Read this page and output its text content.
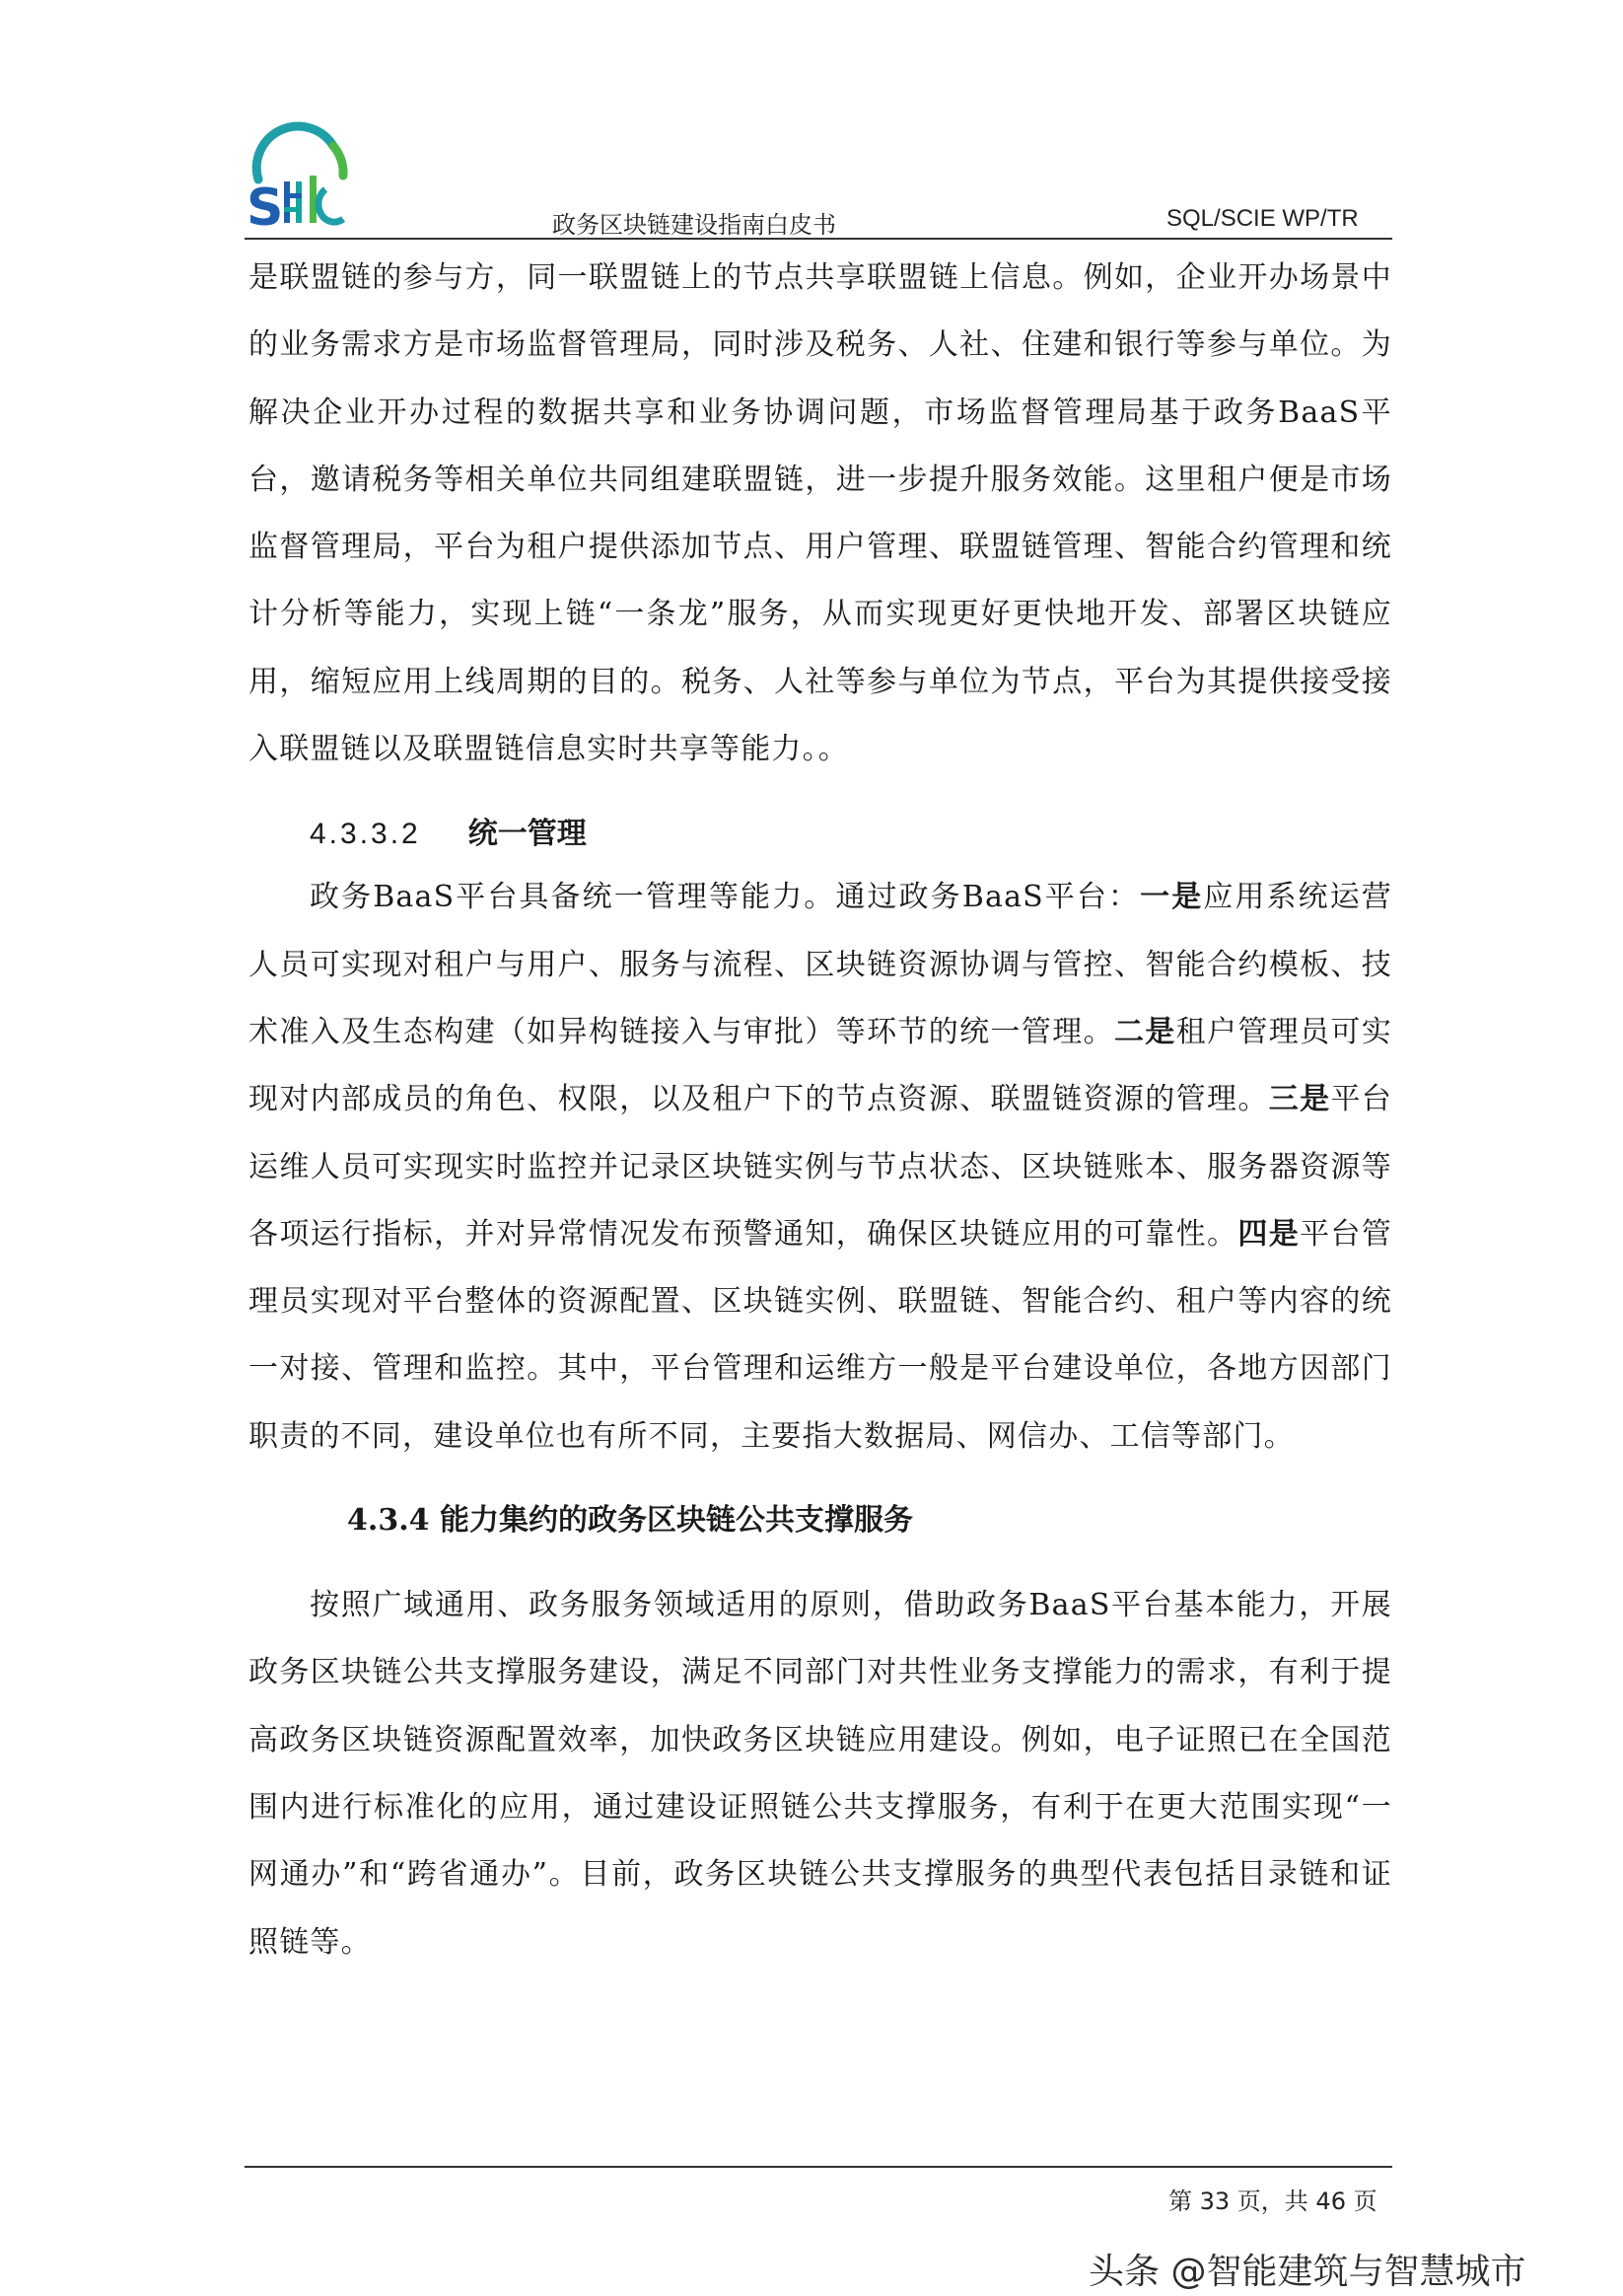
S	政务区块链建设指南白皮书	SQL/SCIE WP/TR

是联盟链的参与方，同一联盟链上的节点共享联盟链上信息。例如，企业开办场景中的业务需求方是市场监督管理局，同时涉及税务、人社、住建和银行等参与单位。为解决企业开办过程的数据共享和业务协调问题，市场监督管理局基于政务BaaS平台，邀请税务等相关单位共同组建联盟链，进一步提升服务效能。这里租户便是市场监督管理局，平台为租户提供添加节点、用户管理、联盟链管理、智能合约管理和统计分析等能力，实现上链“一条龙”服务，从而实现更好更快地开发、部署区块链应用，缩短应用上线周期的目的。税务、人社等参与单位为节点，平台为其提供接受接入联盟链以及联盟链信息实时共享等能力。。

4.3.3.2 统一管理

政务BaaS平台具备统一管理等能力。通过政务BaaS平台：一是应用系统运营人员可实现对租户与用户、服务与流程、区块链资源协调与管控、智能合约模板、技术准入及生态构建（如异构链接入与审批）等环节的统一管理。二是租户管理员可实现对内部成员的角色、权限，以及租户下的节点资源、联盟链资源的管理。三是平台运维人员可实现实时监控并记录区块链实例与节点状态、区块链账本、服务器资源等各项运行指标，并对异常情况发布预警通知，确保区块链应用的可靠性。四是平台管理员实现对平台整体的资源配置、区块链实例、联盟链、智能合约、租户等内容的统一对接、管理和监控。其中，平台管理和运维方一般是平台建设单位，各地方因部门职责的不同，建设单位也有所不同，主要指大数据局、网信办、工信等部门。

4.3.4 能力集约的政务区块链公共支撑服务

按照广域通用、政务服务领域适用的原则，借助政务BaaS平台基本能力，开展政务区块链公共支撑服务建设，满足不同部门对共性业务支撑能力的需求，有利于提高政务区块链资源配置效率，加快政务区块链应用建设。例如，电子证照已在全国范围内进行标准化的应用，通过建设证照链公共支撑服务，有利于在更大范围实现“一网通办”和“跨省通办”。目前，政务区块链公共支撑服务的典型代表包括目录链和证照链等。

第 33 页，共 46 页
头条 @智能建筑与智慧城市
